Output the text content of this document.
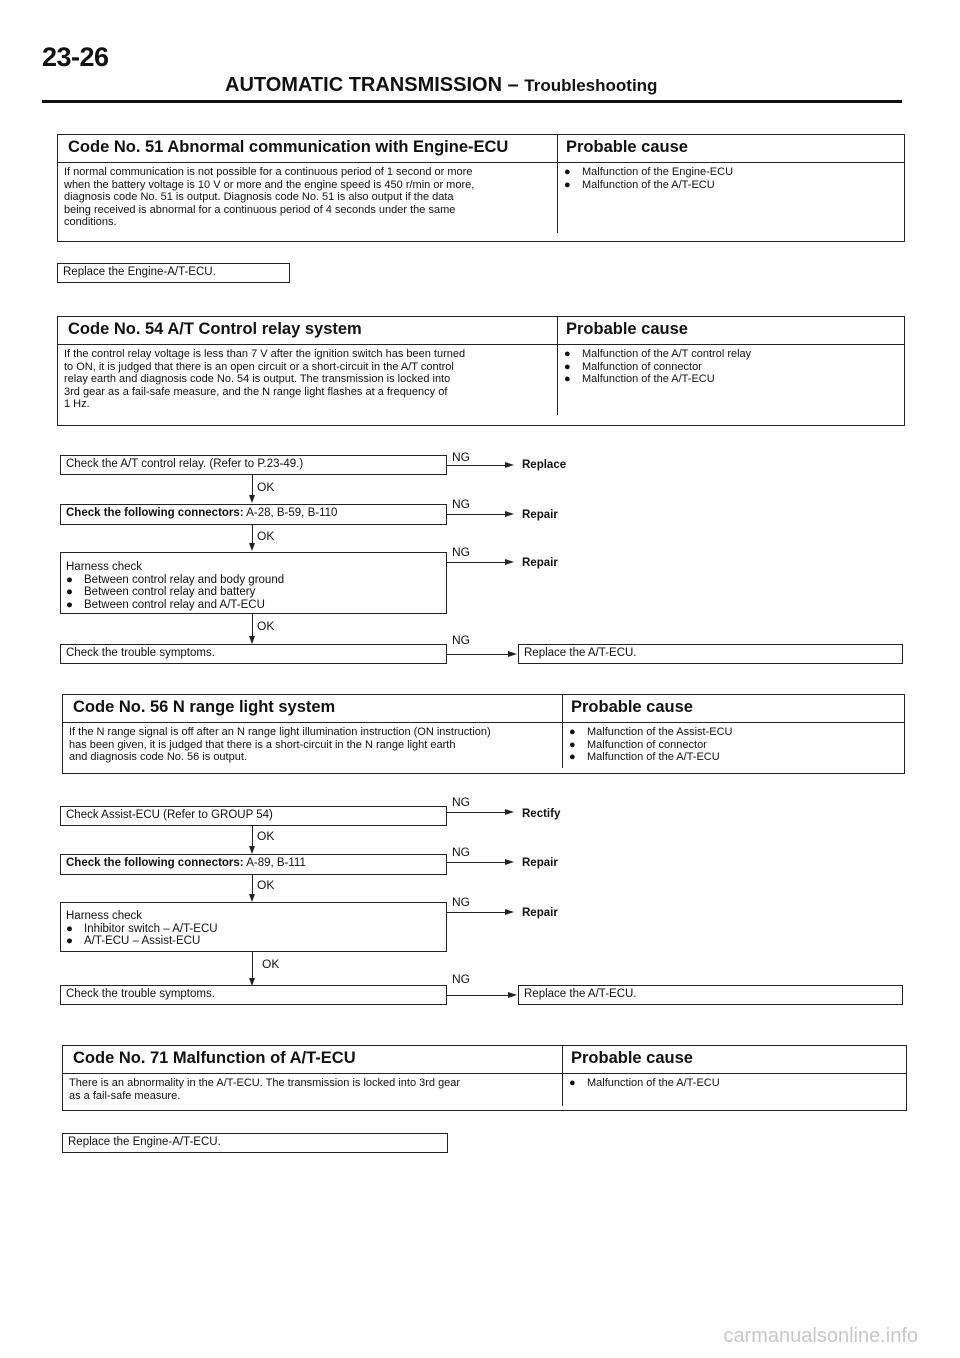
23-26
AUTOMATIC TRANSMISSION – Troubleshooting
Code No. 51 Abnormal communication with Engine-ECU	Probable cause
If normal communication is not possible for a continuous period of 1 second or more
when the battery voltage is 10 V or more and the engine speed is 450 r/min or more,
diagnosis code No. 51 is output. Diagnosis code No. 51 is also output if the data
being received is abnormal for a continuous period of 4 seconds under the same
conditions.
● Malfunction of the Engine-ECU
● Malfunction of the A/T-ECU
Replace the Engine-A/T-ECU.
Code No. 54 A/T Control relay system	Probable cause
If the control relay voltage is less than 7 V after the ignition switch has been turned
to ON, it is judged that there is an open circuit or a short-circuit in the A/T control
relay earth and diagnosis code No. 54 is output. The transmission is locked into
3rd gear as a fail-safe measure, and the N range light flashes at a frequency of
1 Hz.
● Malfunction of the A/T control relay
● Malfunction of connector
● Malfunction of the A/T-ECU
Check the A/T control relay. (Refer to P.23-49.)	NG
Replace
OK
Check the following connectors: A-28, B-59, B-110
NG
Repair
OK
Harness check
● Between control relay and body ground
● Between control relay and battery
● Between control relay and A/T-ECU
NG
Repair
OK
Check the trouble symptoms.
NG
Replace the A/T-ECU.
Code No. 56 N range light system	Probable cause
If the N range signal is off after an N range light illumination instruction (ON instruction)
has been given, it is judged that there is a short-circuit in the N range light earth
and diagnosis code No. 56 is output.
● Malfunction of the Assist-ECU
● Malfunction of connector
● Malfunction of the A/T-ECU
Check Assist-ECU (Refer to GROUP 54)
NG
Rectify
OK
Check the following connectors: A-89, B-111
NG
Repair
OK
Harness check
● Inhibitor switch – A/T-ECU
● A/T-ECU – Assist-ECU
NG
Repair
OK
Check the trouble symptoms.
NG
Replace the A/T-ECU.
Code No. 71 Malfunction of A/T-ECU	Probable cause
There is an abnormality in the A/T-ECU. The transmission is locked into 3rd gear
as a fail-safe measure.
● Malfunction of the A/T-ECU
Replace the Engine-A/T-ECU.
carmanualsonline.info
